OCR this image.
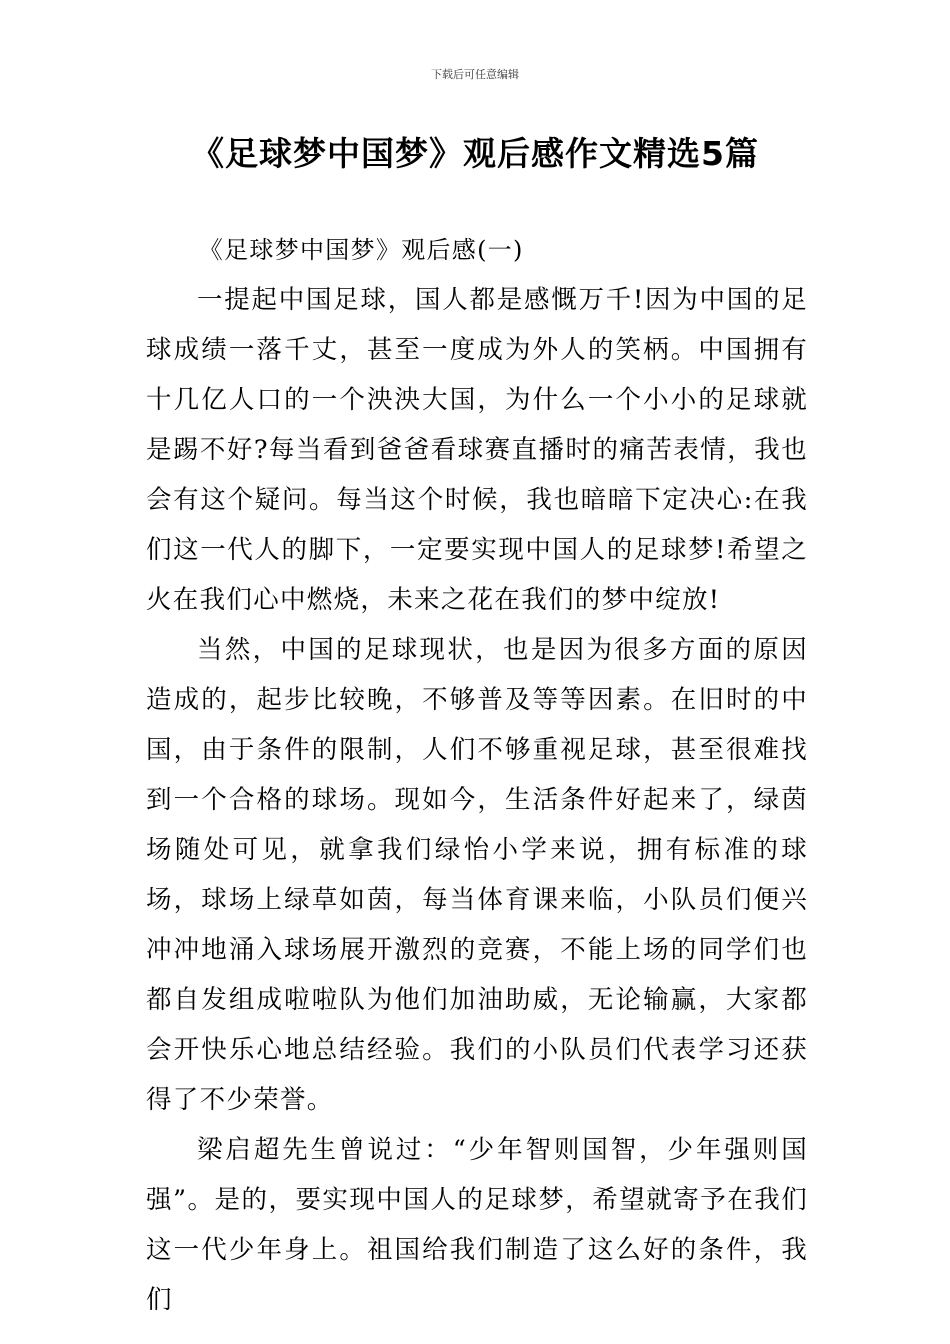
下载后可任意编辑
《足球梦中国梦》观后感作文精选5篇

《足球梦中国梦》观后感(一)

一提起中国足球，国人都是感慨万千!因为中国的足球成绩一落千丈，甚至一度成为外人的笑柄。中国拥有十几亿人口的一个泱泱大国，为什么一个小小的足球就是踢不好?每当看到爸爸看球赛直播时的痛苦表情，我也会有这个疑问。每当这个时候，我也暗暗下定决心:在我们这一代人的脚下，一定要实现中国人的足球梦!希望之火在我们心中燃烧，未来之花在我们的梦中绽放!

当然，中国的足球现状，也是因为很多方面的原因造成的，起步比较晚，不够普及等等因素。在旧时的中国，由于条件的限制，人们不够重视足球，甚至很难找到一个合格的球场。现如今，生活条件好起来了，绿茵场随处可见，就拿我们绿怡小学来说，拥有标准的球场，球场上绿草如茵，每当体育课来临，小队员们便兴冲冲地涌入球场展开激烈的竞赛，不能上场的同学们也都自发组成啦啦队为他们加油助威，无论输赢，大家都会开快乐心地总结经验。我们的小队员们代表学习还获得了不少荣誉。

梁启超先生曾说过：“少年智则国智，少年强则国强”。是的，要实现中国人的足球梦，希望就寄予在我们这一代少年身上。祖国给我们制造了这么好的条件，我们
